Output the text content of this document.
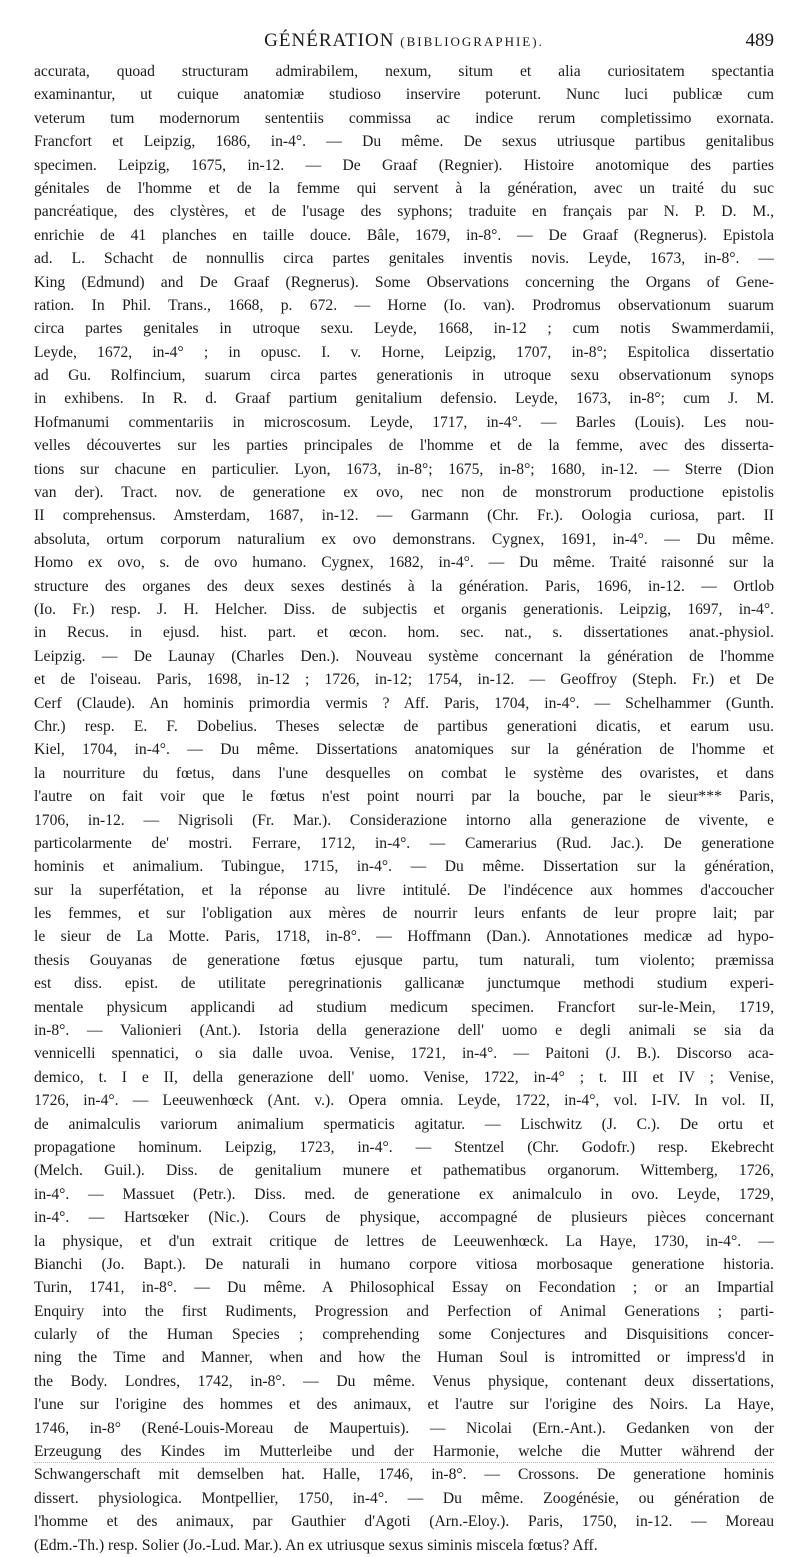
GÉNÉRATION (BIBLIOGRAPHIE).	489
accurata, quoad structuram admirabilem, nexum, situm et alia curiositatem spectantia
examinantur, ut cuique anatomiæ studioso inservire poterunt. Nunc luci publicæ cum
veterum tum modernorum sententiis commissa ac indice rerum completissimo exornata.
Francfort et Leipzig, 1686, in-4°. — Du même. De sexus utriusque partibus genitalibus
specimen. Leipzig, 1675, in-12. — De Graaf (Regnier). Histoire anotomique des parties
génitales de l'homme et de la femme qui servent à la génération, avec un traité du suc
pancréatique, des clystères, et de l'usage des syphons; traduite en français par N. P. D. M.,
enrichie de 41 planches en taille douce. Bâle, 1679, in-8°. — De Graaf (Regnerus). Epistola
ad. L. Schacht de nonnullis circa partes genitales inventis novis. Leyde, 1673, in-8°. —
King (Edmund) and De Graaf (Regnerus). Some Observations concerning the Organs of Gene-
ration. In Phil. Trans., 1668, p. 672. — Horne (Io. van). Prodromus observationum suarum
circa partes genitales in utroque sexu. Leyde, 1668, in-12 ; cum notis Swammerdamii,
Leyde, 1672, in-4° ; in opusc. I. v. Horne, Leipzig, 1707, in-8°; Espitolica dissertatio
ad Gu. Rolfincium, suarum circa partes generationis in utroque sexu observationum synops
in exhibens. In R. d. Graaf partium genitalium defensio. Leyde, 1673, in-8°; cum J. M.
Hofmanumi commentariis in microscosum. Leyde, 1717, in-4°. — Barles (Louis). Les nou-
velles découvertes sur les parties principales de l'homme et de la femme, avec des disserta-
tions sur chacune en particulier. Lyon, 1673, in-8°; 1675, in-8°; 1680, in-12. — Sterre (Dion
van der). Tract. nov. de generatione ex ovo, nec non de monstrorum productione epistolis
II comprehensus. Amsterdam, 1687, in-12. — Garmann (Chr. Fr.). Oologia curiosa, part. II
absoluta, ortum corporum naturalium ex ovo demonstrans. Cygnex, 1691, in-4°. — Du même.
Homo ex ovo, s. de ovo humano. Cygnex, 1682, in-4°. — Du même. Traité raisonné sur la
structure des organes des deux sexes destinés à la génération. Paris, 1696, in-12. — Ortlob
(Io. Fr.) resp. J. H. Helcher. Diss. de subjectis et organis generationis. Leipzig, 1697, in-4°.
in Recus. in ejusd. hist. part. et œcon. hom. sec. nat., s. dissertationes anat.-physiol.
Leipzig. — De Launay (Charles Den.). Nouveau système concernant la génération de l'homme
et de l'oiseau. Paris, 1698, in-12 ; 1726, in-12; 1754, in-12. — Geoffroy (Steph. Fr.) et De
Cerf (Claude). An hominis primordia vermis ? Aff. Paris, 1704, in-4°. — Schelhammer (Gunth.
Chr.) resp. E. F. Dobelius. Theses selectæ de partibus generationi dicatis, et earum usu.
Kiel, 1704, in-4°. — Du même. Dissertations anatomiques sur la génération de l'homme et
la nourriture du fœtus, dans l'une desquelles on combat le système des ovaristes, et dans
l'autre on fait voir que le fœtus n'est point nourri par la bouche, par le sieur*** Paris,
1706, in-12. — Nigrisoli (Fr. Mar.). Considerazione intorno alla generazione de vivente, e
particolarmente de' mostri. Ferrare, 1712, in-4°. — Camerarius (Rud. Jac.). De generatione
hominis et animalium. Tubingue, 1715, in-4°. — Du même. Dissertation sur la génération,
sur la superfétation, et la réponse au livre intitulé. De l'indécence aux hommes d'accoucher
les femmes, et sur l'obligation aux mères de nourrir leurs enfants de leur propre lait; par
le sieur de La Motte. Paris, 1718, in-8°. — Hoffmann (Dan.). Annotationes medicæ ad hypo-
thesis Gouyanas de generatione fœtus ejusque partu, tum naturali, tum violento; præmissa
est diss. epist. de utilitate peregrinationis gallicanæ junctumque methodi studium experi-
mentale physicum applicandi ad studium medicum specimen. Francfort sur-le-Mein, 1719,
in-8°. — Valionieri (Ant.). Istoria della generazione dell' uomo e degli animali se sia da
vennicelli spennatici, o sia dalle uvoa. Venise, 1721, in-4°. — Paitoni (J. B.). Discorso aca-
demico, t. I e II, della generazione dell' uomo. Venise, 1722, in-4° ; t. III et IV ; Venise,
1726, in-4°. — Leeuwenhœck (Ant. v.). Opera omnia. Leyde, 1722, in-4°, vol. I-IV. In vol. II,
de animalculis variorum animalium spermaticis agitatur. — Lischwitz (J. C.). De ortu et
propagatione hominum. Leipzig, 1723, in-4°. — Stentzel (Chr. Godofr.) resp. Ekebrecht
(Melch. Guil.). Diss. de genitalium munere et pathematibus organorum. Wittemberg, 1726,
in-4°. — Massuet (Petr.). Diss. med. de generatione ex animalculo in ovo. Leyde, 1729,
in-4°. — Hartsœker (Nic.). Cours de physique, accompagné de plusieurs pièces concernant
la physique, et d'un extrait critique de lettres de Leeuwenhœck. La Haye, 1730, in-4°. —
Bianchi (Jo. Bapt.). De naturali in humano corpore vitiosa morbosaque generatione historia.
Turin, 1741, in-8°. — Du même. A Philosophical Essay on Fecondation ; or an Impartial
Enquiry into the first Rudiments, Progression and Perfection of Animal Generations ; parti-
cularly of the Human Species ; comprehending some Conjectures and Disquisitions concer-
ning the Time and Manner, when and how the Human Soul is intromitted or impress'd in
the Body. Londres, 1742, in-8°. — Du même. Venus physique, contenant deux dissertations,
l'une sur l'origine des hommes et des animaux, et l'autre sur l'origine des Noirs. La Haye,
1746, in-8° (René-Louis-Moreau de Maupertuis). — Nicolai (Ern.-Ant.). Gedanken von der
Erzeugung des Kindes im Mutterleibe und der Harmonie, welche die Mutter während der
Schwangerschaft mit demselben hat. Halle, 1746, in-8°. — Crossons. De generatione hominis
dissert. physiologica. Montpellier, 1750, in-4°. — Du même. Zoogénésie, ou génération de
l'homme et des animaux, par Gauthier d'Agoti (Arn.-Eloy.). Paris, 1750, in-12. — Moreau
(Edm.-Th.) resp. Solier (Jo.-Lud. Mar.). An ex utriusque sexus siminis miscela fœtus? Aff.
